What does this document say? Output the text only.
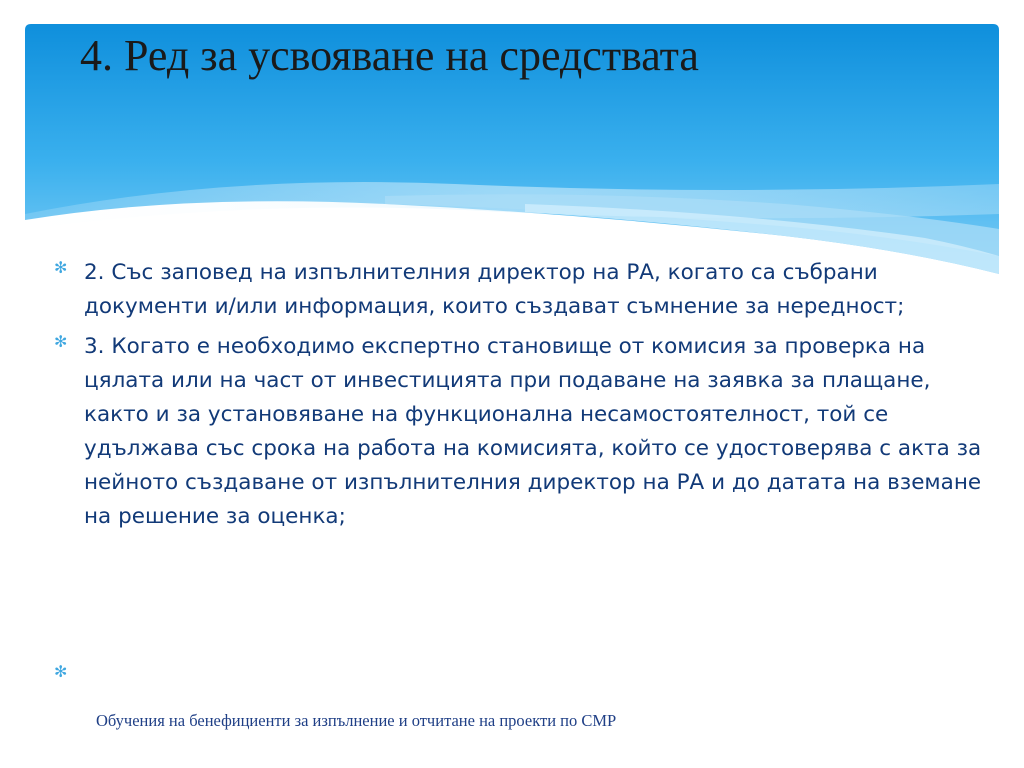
4. Ред за усвояване на средствата
✻ 2. Със заповед на изпълнителния директор на РА, когато са събрани документи и/или информация, които създават съмнение за нередност;
✻ 3. Когато е необходимо експертно становище от комисия за проверка на цялата или на част от инвестицията при подаване на заявка за плащане, както и за установяване на функционална несамостоятелност, той се удължава със срока на работа на комисията, който се удостоверява с акта за нейното създаване от изпълнителния директор на РА и до датата на вземане на решение за оценка;
✻
Обучения на бенефициенти за изпълнение и отчитане на проекти по СМР
